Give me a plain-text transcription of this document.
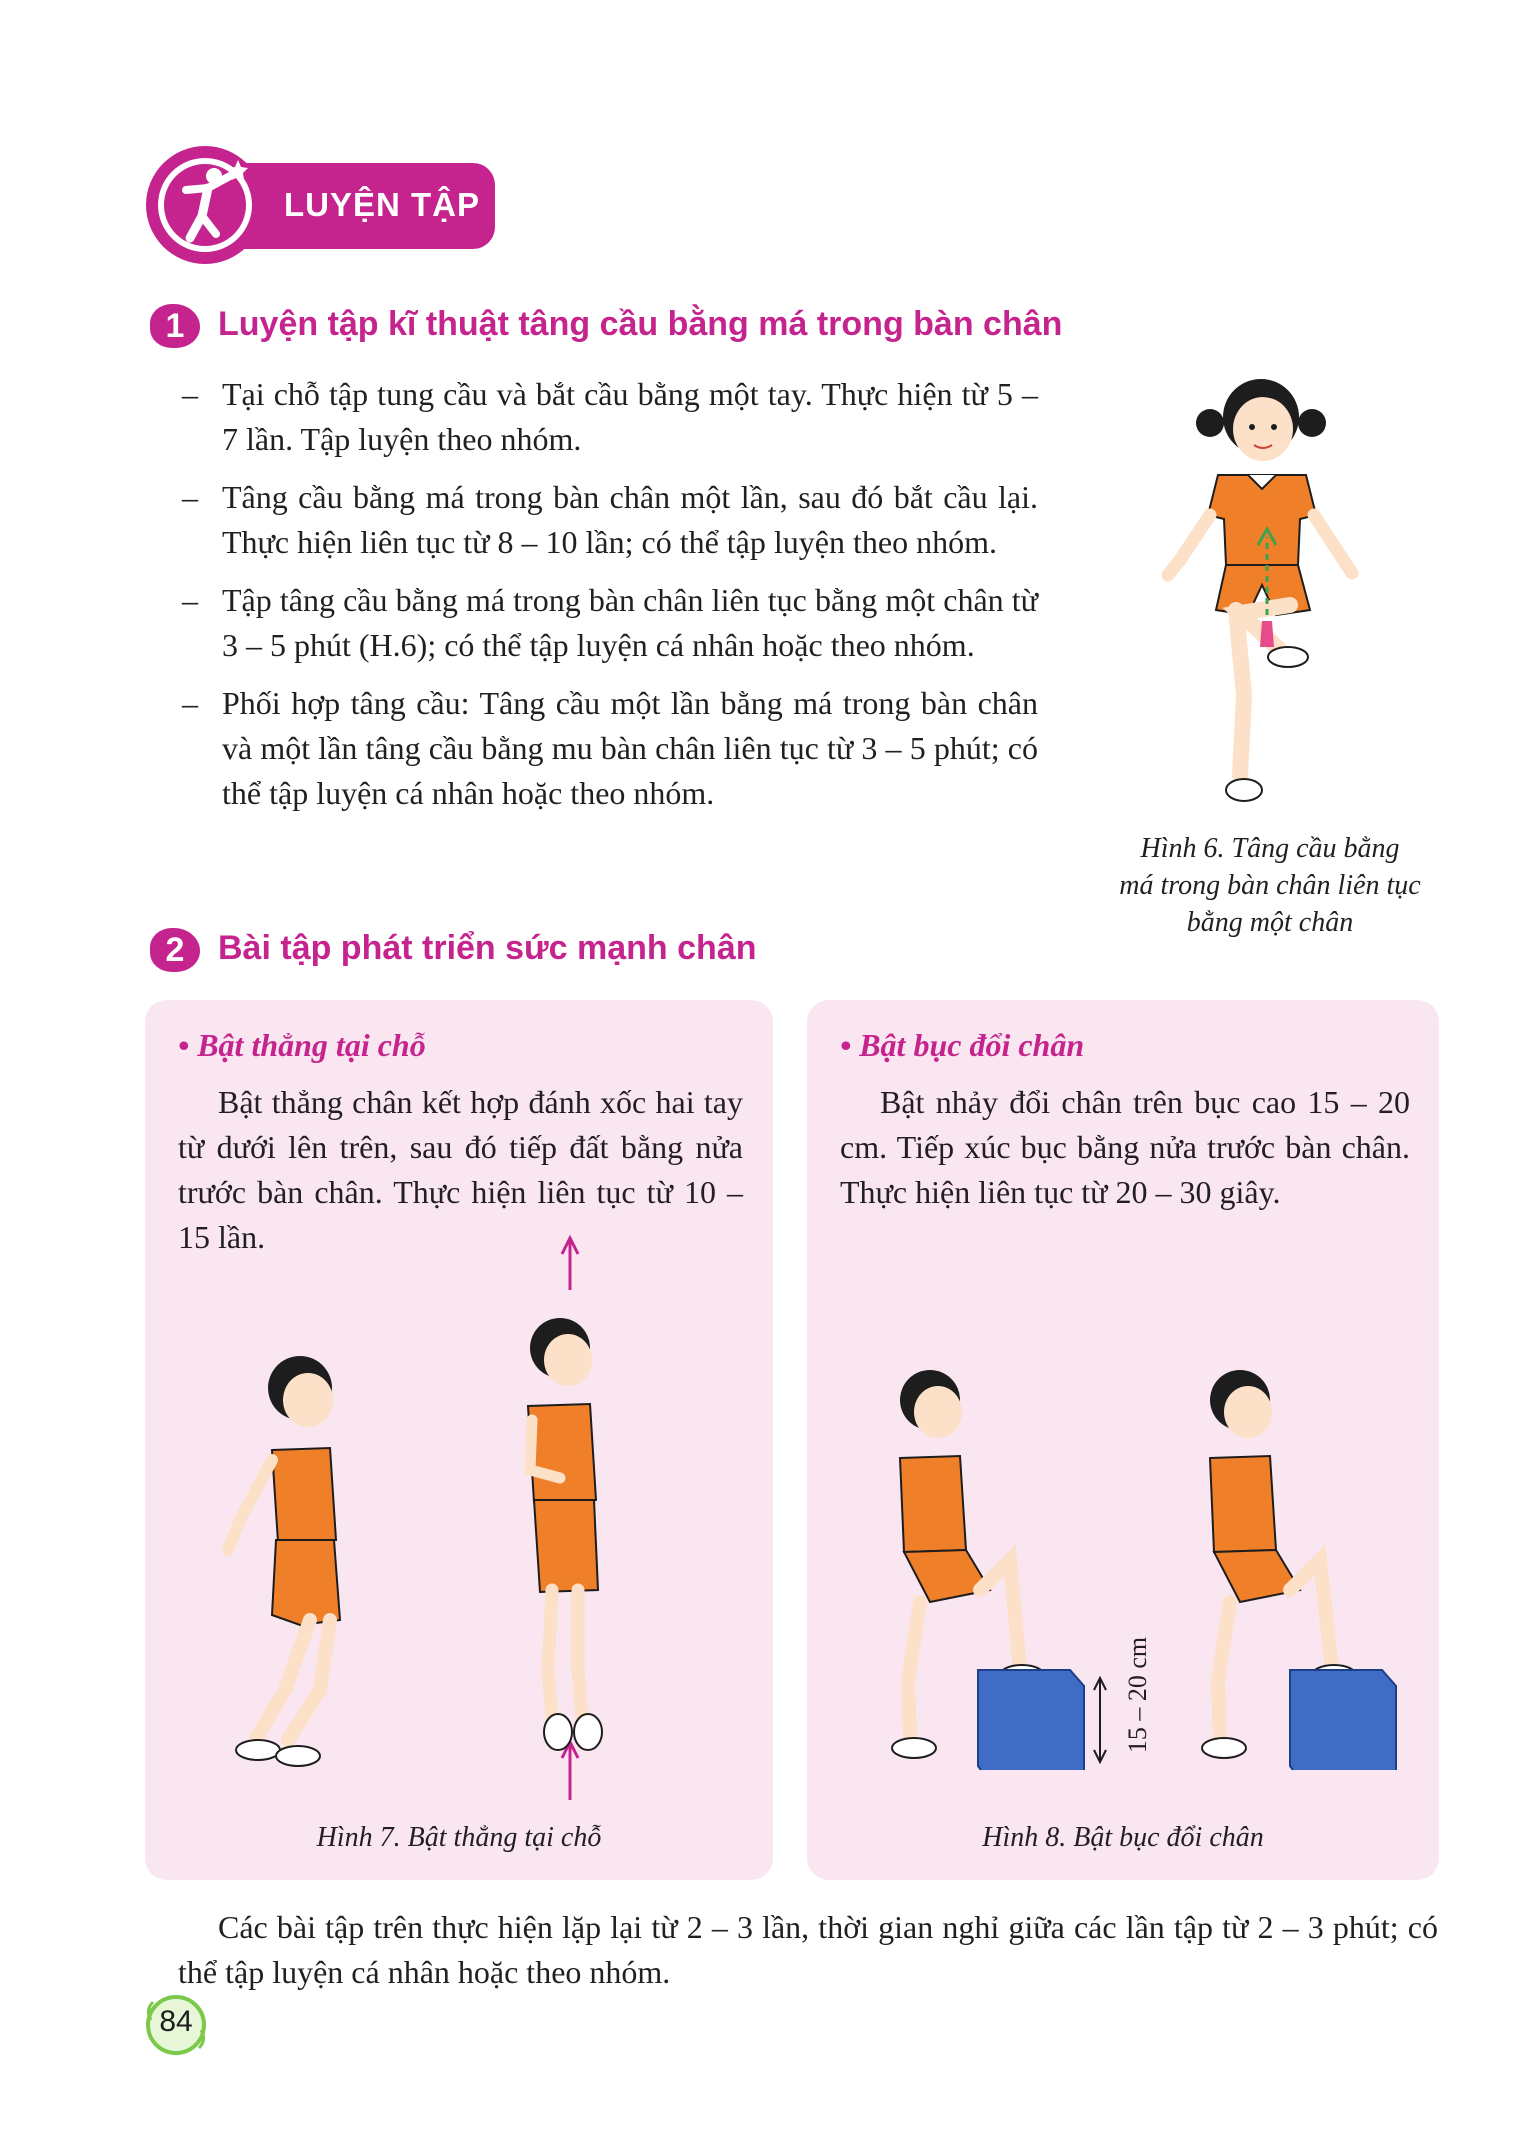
LUYỆN TẬP
1 Luyện tập kĩ thuật tâng cầu bằng má trong bàn chân
– Tại chỗ tập tung cầu và bắt cầu bằng một tay. Thực hiện từ 5 – 7 lần. Tập luyện theo nhóm.
– Tâng cầu bằng má trong bàn chân một lần, sau đó bắt cầu lại. Thực hiện liên tục từ 8 – 10 lần; có thể tập luyện theo nhóm.
– Tập tâng cầu bằng má trong bàn chân liên tục bằng một chân từ 3 – 5 phút (H.6); có thể tập luyện cá nhân hoặc theo nhóm.
– Phối hợp tâng cầu: Tâng cầu một lần bằng má trong bàn chân và một lần tâng cầu bằng mu bàn chân liên tục từ 3 – 5 phút; có thể tập luyện cá nhân hoặc theo nhóm.
Hình 6. Tâng cầu bằng
má trong bàn chân liên tục
bằng một chân
2 Bài tập phát triển sức mạnh chân
• Bật thẳng tại chỗ
Bật thẳng chân kết hợp đánh xốc hai tay từ dưới lên trên, sau đó tiếp đất bằng nửa trước bàn chân. Thực hiện liên tục từ 10 – 15 lần.
Hình 7. Bật thẳng tại chỗ
• Bật bục đổi chân
Bật nhảy đổi chân trên bục cao 15 – 20 cm. Tiếp xúc bục bằng nửa trước bàn chân. Thực hiện liên tục từ 20 – 30 giây.
15 – 20 cm
Hình 8. Bật bục đổi chân
Các bài tập trên thực hiện lặp lại từ 2 – 3 lần, thời gian nghỉ giữa các lần tập từ 2 – 3 phút; có thể tập luyện cá nhân hoặc theo nhóm.
84
